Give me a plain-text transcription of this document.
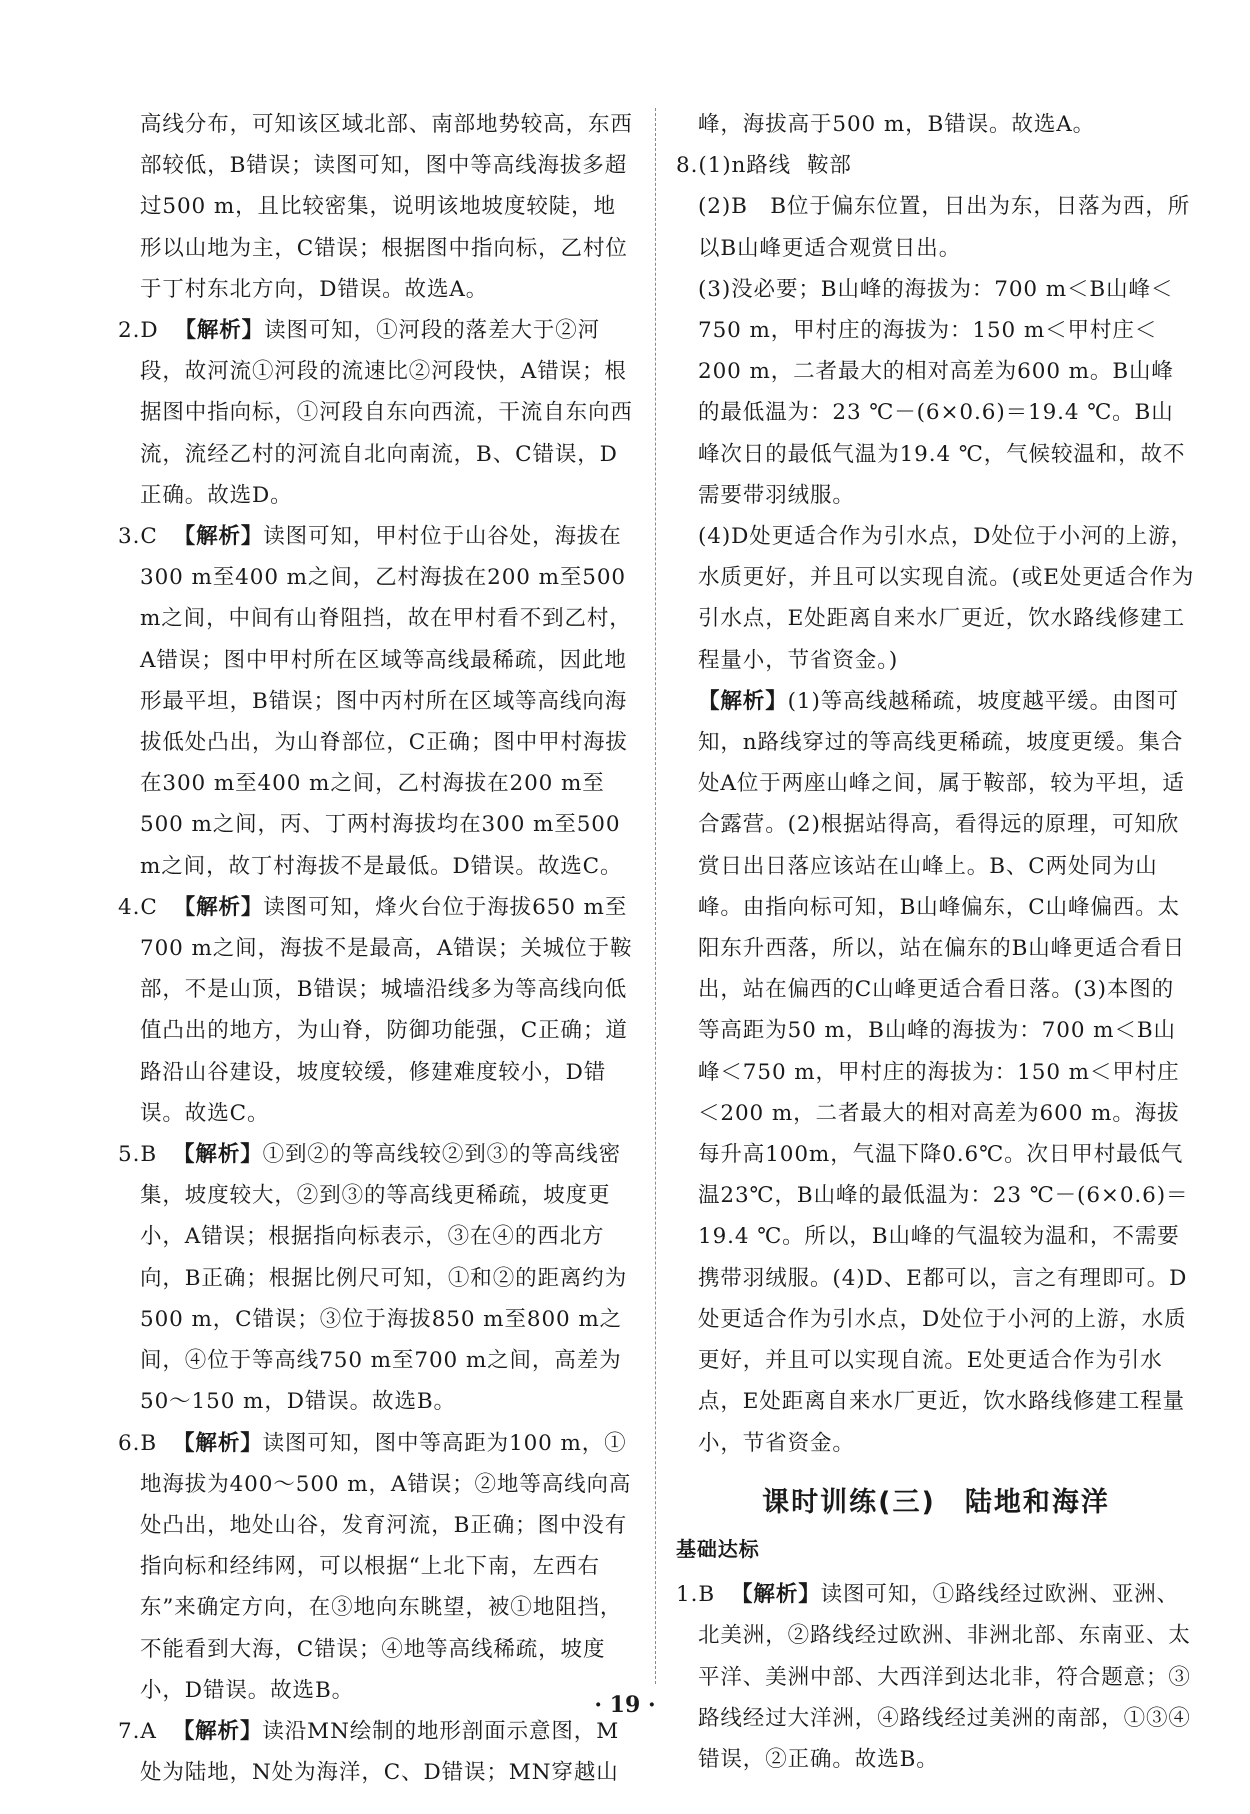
高线分布，可知该区域北部、南部地势较高，东西部较低，B错误；读图可知，图中等高线海拔多超过500 m，且比较密集，说明该地坡度较陡，地形以山地为主，C错误；根据图中指向标，乙村位于丁村东北方向，D错误。故选A。

2.D 【解析】读图可知，①河段的落差大于②河段，故河流①河段的流速比②河段快，A错误；根据图中指向标，①河段自东向西流，干流自东向西流，流经乙村的河流自北向南流，B、C错误，D正确。故选D。

3.C 【解析】读图可知，甲村位于山谷处，海拔在300 m至400 m之间，乙村海拔在200 m至500 m之间，中间有山脊阻挡，故在甲村看不到乙村，A错误；图中甲村所在区域等高线最稀疏，因此地形最平坦，B错误；图中丙村所在区域等高线向海拔低处凸出，为山脊部位，C正确；图中甲村海拔在300 m至400 m之间，乙村海拔在200 m至500 m之间，丙、丁两村海拔均在300 m至500 m之间，故丁村海拔不是最低。D错误。故选C。

4.C 【解析】读图可知，烽火台位于海拔650 m至700 m之间，海拔不是最高，A错误；关城位于鞍部，不是山顶，B错误；城墙沿线多为等高线向低值凸出的地方，为山脊，防御功能强，C正确；道路沿山谷建设，坡度较缓，修建难度较小，D错误。故选C。

5.B 【解析】①到②的等高线较②到③的等高线密集，坡度较大，②到③的等高线更稀疏，坡度更小，A错误；根据指向标表示，③在④的西北方向，B正确；根据比例尺可知，①和②的距离约为500 m，C错误；③位于海拔850 m至800 m之间，④位于等高线750 m至700 m之间，高差为50～150 m，D错误。故选B。

6.B 【解析】读图可知，图中等高距为100 m，①地海拔为400～500 m，A错误；②地等高线向高处凸出，地处山谷，发育河流，B正确；图中没有指向标和经纬网，可以根据“上北下南，左西右东”来确定方向，在③地向东眺望，被①地阻挡，不能看到大海，C错误；④地等高线稀疏，坡度小，D错误。故选B。

7.A 【解析】读沿MN绘制的地形剖面示意图，M处为陆地，N处为海洋，C、D错误；MN穿越山

峰，海拔高于500 m，B错误。故选A。

8.(1)n路线 鞍部

(2)B　B位于偏东位置，日出为东，日落为西，所以B山峰更适合观赏日出。

(3)没必要；B山峰的海拔为：700 m＜B山峰＜750 m，甲村庄的海拔为：150 m＜甲村庄＜200 m，二者最大的相对高差为600 m。B山峰的最低温为：23 ℃－(6×0.6)＝19.4 ℃。B山峰次日的最低气温为19.4 ℃，气候较温和，故不需要带羽绒服。

(4)D处更适合作为引水点，D处位于小河的上游，水质更好，并且可以实现自流。(或E处更适合作为引水点，E处距离自来水厂更近，饮水路线修建工程量小，节省资金。)

【解析】(1)等高线越稀疏，坡度越平缓。由图可知，n路线穿过的等高线更稀疏，坡度更缓。集合处A位于两座山峰之间，属于鞍部，较为平坦，适合露营。(2)根据站得高，看得远的原理，可知欣赏日出日落应该站在山峰上。B、C两处同为山峰。由指向标可知，B山峰偏东，C山峰偏西。太阳东升西落，所以，站在偏东的B山峰更适合看日出，站在偏西的C山峰更适合看日落。(3)本图的等高距为50 m，B山峰的海拔为：700 m＜B山峰＜750 m，甲村庄的海拔为：150 m＜甲村庄＜200 m，二者最大的相对高差为600 m。海拔每升高100m，气温下降0.6℃。次日甲村最低气温23℃，B山峰的最低温为：23 ℃－(6×0.6)＝19.4 ℃。所以，B山峰的气温较为温和，不需要携带羽绒服。(4)D、E都可以，言之有理即可。D处更适合作为引水点，D处位于小河的上游，水质更好，并且可以实现自流。E处更适合作为引水点，E处距离自来水厂更近，饮水路线修建工程量小，节省资金。

课时训练(三)　陆地和海洋
基础达标

1.B 【解析】读图可知，①路线经过欧洲、亚洲、北美洲，②路线经过欧洲、非洲北部、东南亚、太平洋、美洲中部、大西洋到达北非，符合题意；③路线经过大洋洲，④路线经过美洲的南部，①③④错误，②正确。故选B。

· 19 ·
